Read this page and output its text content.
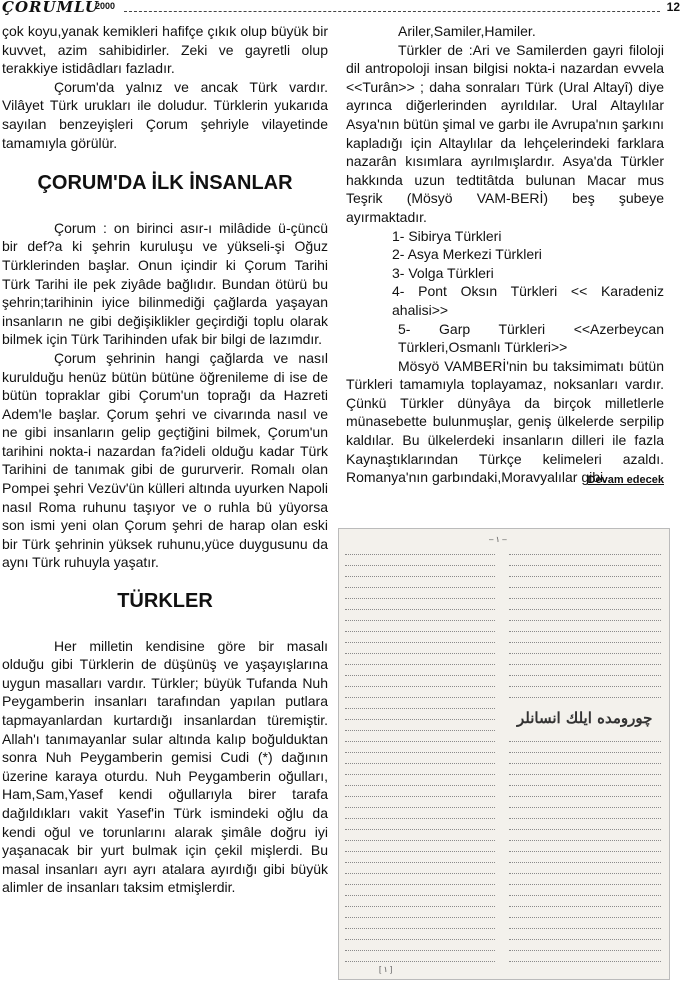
ÇORUMLU
2000	12

çok koyu,yanak kemikleri hafifçe çıkık olup büyük bir kuvvet, azim sahibidirler. Zeki ve gayretli olup terakkiye istidâdları fazladır.

Çorum'da yalnız ve ancak Türk vardır. Vilâyet Türk urukları ile doludur. Türklerin yukarıda sayılan benzeyişleri Çorum şehriyle vilayetinde tamamıyla görülür.

ÇORUM'DA İLK İNSANLAR

Çorum : on birinci asır-ı milâdide ü-çüncü bir def?a ki şehrin kuruluşu ve yükseli-şi Oğuz Türklerinden başlar. Onun içindir ki Çorum Tarihi Türk Tarihi ile pek ziyâde bağlıdır. Bundan ötürü bu şehrin;tarihinin iyice bilinmediği çağlarda yaşayan insanların ne gibi değişiklikler geçirdiği toplu olarak bilmek için Türk Tarihinden ufak bir bilgi de lazımdır.

Çorum şehrinin hangi çağlarda ve nasıl kurulduğu henüz bütün bütüne öğrenileme di ise de bütün topraklar gibi Çorum'un toprağı da Hazreti Adem'le başlar. Çorum şehri ve civarında nasıl ve ne gibi insanların gelip geçtiğini bilmek, Çorum'un tarihini nokta-i nazardan fa?ideli olduğu kadar Türk Tarihini de tanımak gibi de gururverir. Romalı olan Pompei şehri Vezüv'ün külleri altında uyurken Napoli nasıl Roma ruhunu taşıyor ve o ruhla bü yüyorsa son ismi yeni olan Çorum şehri de harap olan eski bir Türk şehrinin yüksek ruhunu,yüce duygusunu da aynı Türk ruhuyla yaşatır.

TÜRKLER

Her milletin kendisine göre bir masalı olduğu gibi Türklerin de düşünüş ve yaşayışlarına uygun masalları vardır. Türkler; büyük Tufanda Nuh Peygamberin insanları tarafından yapılan putlara tapmayanlardan kurtardığı insanlardan türemiştir. Allah'ı tanımayanlar sular altında kalıp boğulduktan sonra Nuh Peygamberin gemisi Cudi (*) dağının üzerine karaya oturdu. Nuh Peygamberin oğulları, Ham,Sam,Yasef kendi oğullarıyla birer tarafa dağıldıkları vakit Yasef'in Türk ismindeki oğlu da kendi oğul ve torunlarını alarak şimâle doğru iyi yaşanacak bir yurt bulmak için çekil mişlerdi. Bu masal insanları ayrı ayrı atalara ayırdığı gibi büyük alimler de insanları taksim etmişlerdir.

Ariler,Samiler,Hamiler.

Türkler de :Ari ve Samilerden gayri filoloji dil antropoloji insan bilgisi nokta-i nazardan evvela <<Turân>> ; daha sonraları Türk (Ural Altayî) diye ayrınca diğerlerinden ayrıldılar. Ural Altaylılar Asya'nın bütün şimal ve garbı ile Avrupa'nın şarkını kapladığı için Altaylılar da lehçelerindeki farklara nazarân kısımlara ayrılmışlardır. Asya'da Türkler hakkında uzun tedtitâtda bulunan Macar mus Teşrik (Mösyö VAM-BERİ) beş şubeye ayırmaktadır.

1- Sibirya Türkleri

2- Asya Merkezi Türkleri

3- Volga Türkleri

4- Pont Oksın Türkleri << Karadeniz ahalisi>>

5- Garp Türkleri <<Azerbeycan Türkleri,Osmanlı Türkleri>>

Mösyö VAMBERİ'nin bu taksimimatı bütün Türkleri tamamıyla toplayamaz, noksanları vardır. Çünkü Türkler dünyâya da birçok milletlerle münasebette bulunmuşlar, geniş ülkelerde serpilip kaldılar. Bu ülkelerdeki insanların dilleri ile fazla Kaynaştıklarından Türkçe kelimeleri azaldı. Romanya'nın garbındaki,Moravyalılar gibi.

Devam edecek

– ١ –
چورومده ایلك انسانلر
[ ١ ]
